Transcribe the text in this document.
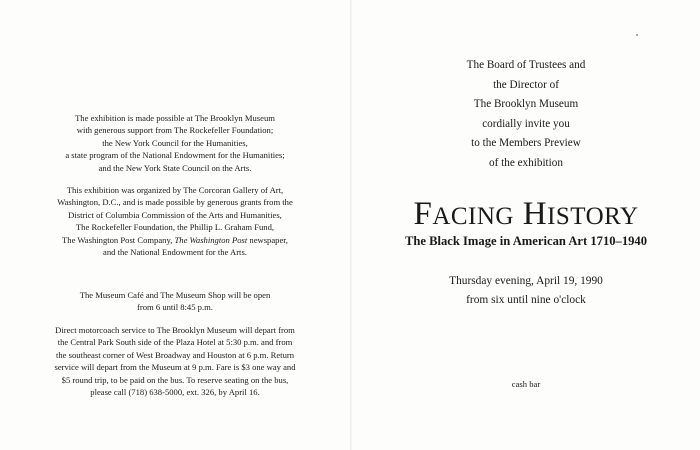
The exhibition is made possible at The Brooklyn Museum

with generous support from The Rockefeller Foundation;

the New York Council for the Humanities,

a state program of the National Endowment for the Humanities;

and the New York State Council on the Arts.

This exhibition was organized by The Corcoran Gallery of Art,

Washington, D.C., and is made possible by generous grants from the

District of Columbia Commission of the Arts and Humanities,

The Rockefeller Foundation, the Phillip L. Graham Fund,

The Washington Post Company, The Washington Post newspaper,

and the National Endowment for the Arts.

The Museum Café and The Museum Shop will be open

from 6 until 8:45 p.m.

Direct motorcoach service to The Brooklyn Museum will depart from

the Central Park South side of the Plaza Hotel at 5:30 p.m. and from

the southeast corner of West Broadway and Houston at 6 p.m. Return

service will depart from the Museum at 9 p.m. Fare is $3 one way and

$5 round trip, to be paid on the bus. To reserve seating on the bus,

please call (718) 638-5000, ext. 326, by April 16.

The Board of Trustees and

the Director of

The Brooklyn Museum

cordially invite you

to the Members Preview

of the exhibition

FACING HISTORY
The Black Image in American Art 1710–1940

Thursday evening, April 19, 1990

from six until nine o'clock

cash bar
